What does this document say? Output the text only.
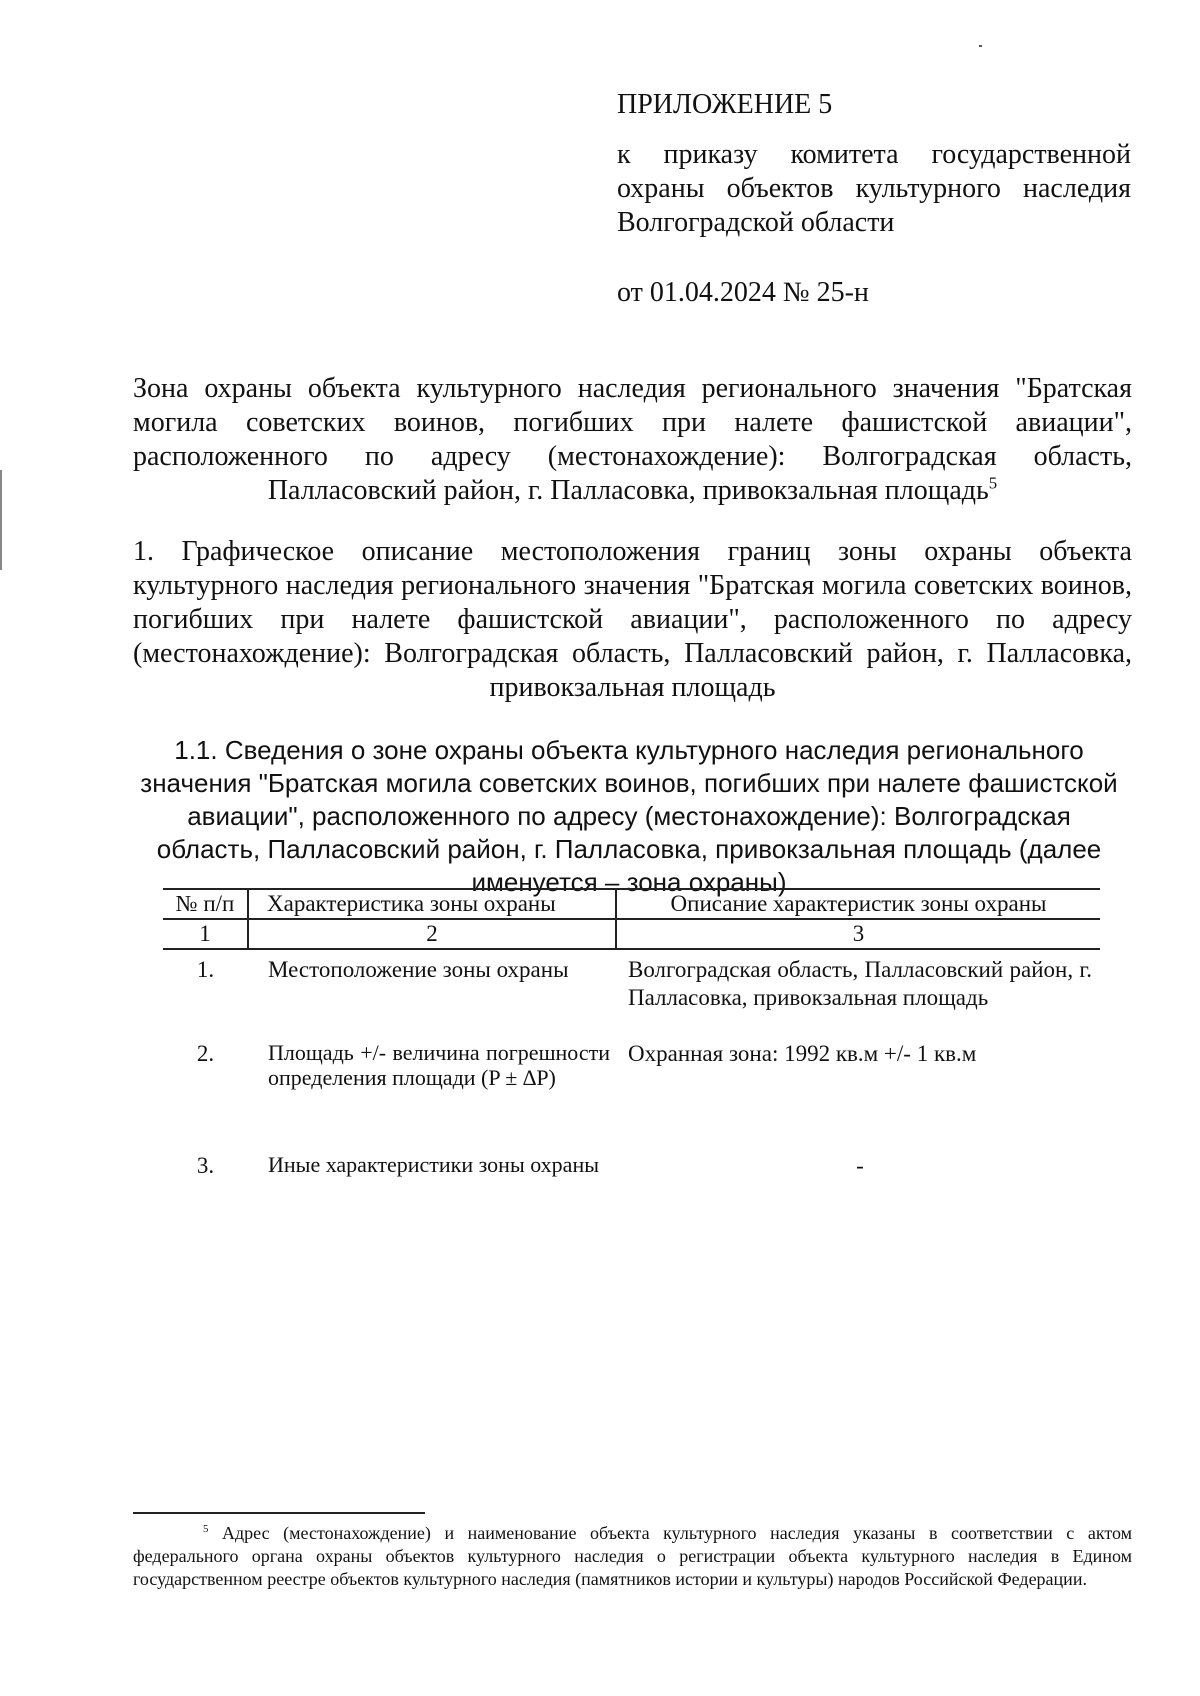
ПРИЛОЖЕНИЕ 5
к приказу комитета государственной охраны объектов культурного наследия Волгоградской области
от 01.04.2024 № 25-н
Зона охраны объекта культурного наследия регионального значения "Братская могила советских воинов, погибших при налете фашистской авиации", расположенного по адресу (местонахождение): Волгоградская область, Палласовский район, г. Палласовка, привокзальная площадь$^5$
1. Графическое описание местоположения границ зоны охраны объекта культурного наследия регионального значения "Братская могила советских воинов, погибших при налете фашистской авиации", расположенного по адресу (местонахождение): Волгоградская область, Палласовский район, г. Палласовка, привокзальная площадь
1.1. Сведения о зоне охраны объекта культурного наследия регионального значения "Братская могила советских воинов, погибших при налете фашистской авиации", расположенного по адресу (местонахождение): Волгоградская область, Палласовский район, г. Палласовка, привокзальная площадь (далее именуется – зона охраны)
№ п/п	Характеристика зоны охраны	Описание характеристик зоны охраны
1	2	3
1.	Местоположение зоны охраны	Волгоградская область, Палласовский район, г. Палласовка, привокзальная площадь
2.	Площадь +/- величина погрешности определения площади (P ± ∆P)	Охранная зона: 1992 кв.м +/- 1 кв.м
3.	Иные характеристики зоны охраны	-
$^5$ Адрес (местонахождение) и наименование объекта культурного наследия указаны в соответствии с актом федерального органа охраны объектов культурного наследия о регистрации объекта культурного наследия в Едином государственном реестре объектов культурного наследия (памятников истории и культуры) народов Российской Федерации.
